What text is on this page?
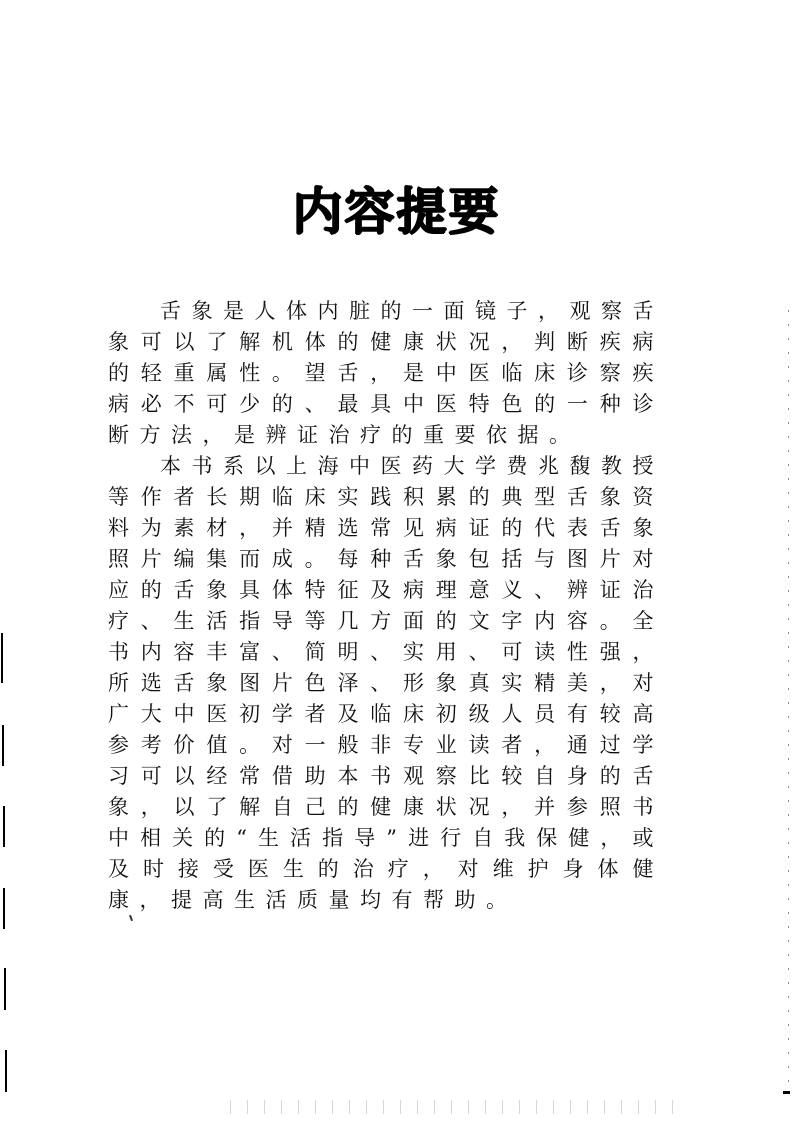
内容提要

舌象是人体内脏的一面镜子，观察舌象可以了解机体的健康状况，判断疾病的轻重属性。望舌，是中医临床诊察疾病必不可少的、最具中医特色的一种诊断方法，是辨证治疗的重要依据。

本书系以上海中医药大学费兆馥教授等作者长期临床实践积累的典型舌象资料为素材，并精选常见病证的代表舌象照片编集而成。每种舌象包括与图片对应的舌象具体特征及病理意义、辨证治疗、生活指导等几方面的文字内容。全书内容丰富、简明、实用、可读性强，所选舌象图片色泽、形象真实精美，对广大中医初学者及临床初级人员有较高参考价值。对一般非专业读者，通过学习可以经常借助本书观察比较自身的舌象，以了解自己的健康状况，并参照书中相关的“生活指导”进行自我保健，或及时接受医生的治疗，对维护身体健康，提高生活质量均有帮助。
